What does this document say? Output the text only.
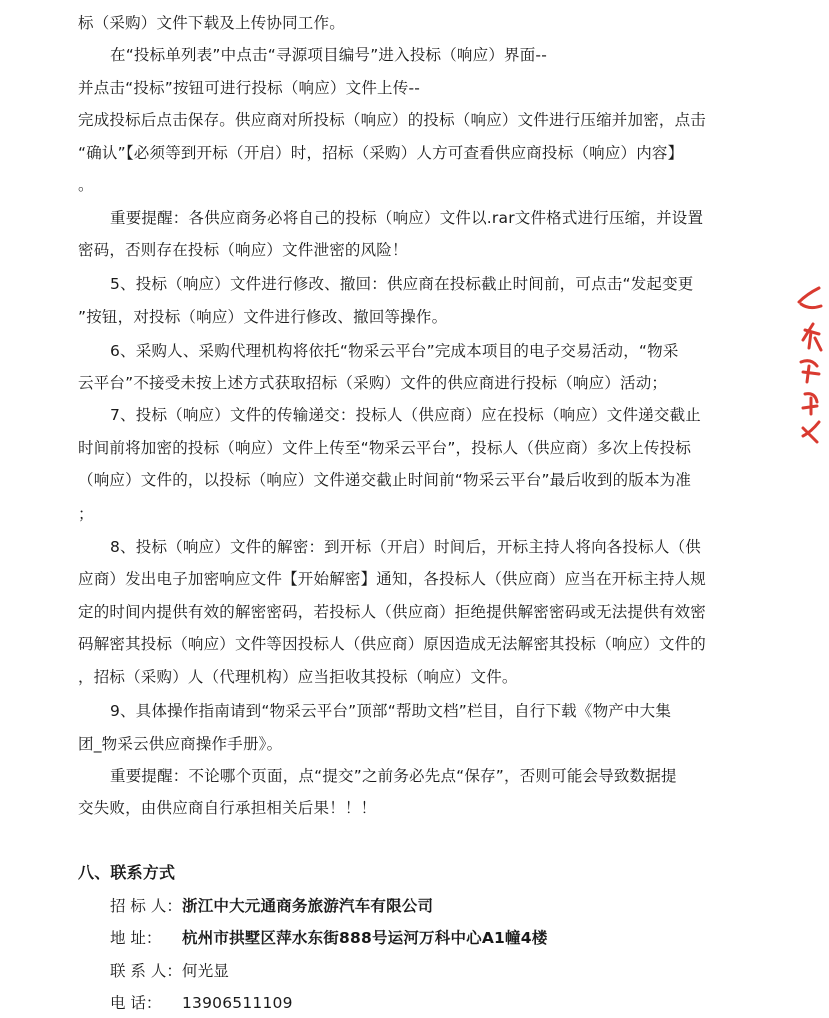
标（采购）文件下载及上传协同工作。
在“投标单列表”中点击“寻源项目编号”进入投标（响应）界面--
并点击“投标”按钮可进行投标（响应）文件上传--
完成投标后点击保存。供应商对所投标（响应）的投标（响应）文件进行压缩并加密，点击
“确认”【必须等到开标（开启）时，招标（采购）人方可查看供应商投标（响应）内容】
。
重要提醒：各供应商务必将自己的投标（响应）文件以.rar文件格式进行压缩，并设置
密码，否则存在投标（响应）文件泄密的风险！
5、投标（响应）文件进行修改、撤回：供应商在投标截止时间前，可点击“发起变更
”按钮，对投标（响应）文件进行修改、撤回等操作。
6、采购人、采购代理机构将依托“物采云平台”完成本项目的电子交易活动，“物采
云平台”不接受未按上述方式获取招标（采购）文件的供应商进行投标（响应）活动；
7、投标（响应）文件的传输递交：投标人（供应商）应在投标（响应）文件递交截止
时间前将加密的投标（响应）文件上传至“物采云平台”，投标人（供应商）多次上传投标
（响应）文件的，以投标（响应）文件递交截止时间前“物采云平台”最后收到的版本为准
；
8、投标（响应）文件的解密：到开标（开启）时间后，开标主持人将向各投标人（供
应商）发出电子加密响应文件【开始解密】通知，各投标人（供应商）应当在开标主持人规
定的时间内提供有效的解密密码，若投标人（供应商）拒绝提供解密密码或无法提供有效密
码解密其投标（响应）文件等因投标人（供应商）原因造成无法解密其投标（响应）文件的
，招标（采购）人（代理机构）应当拒收其投标（响应）文件。
9、具体操作指南请到“物采云平台”顶部“帮助文档”栏目，自行下载《物产中大集
团_物采云供应商操作手册》。
重要提醒：不论哪个页面，点“提交”之前务必先点“保存”，否则可能会导致数据提
交失败，由供应商自行承担相关后果！！！
八、联系方式
招 标 人：浙江中大元通商务旅游汽车有限公司
地 址： 杭州市拱墅区萍水东街888号运河万科中心A1幢4楼
联 系 人：何光显
电 话： 13906511109
